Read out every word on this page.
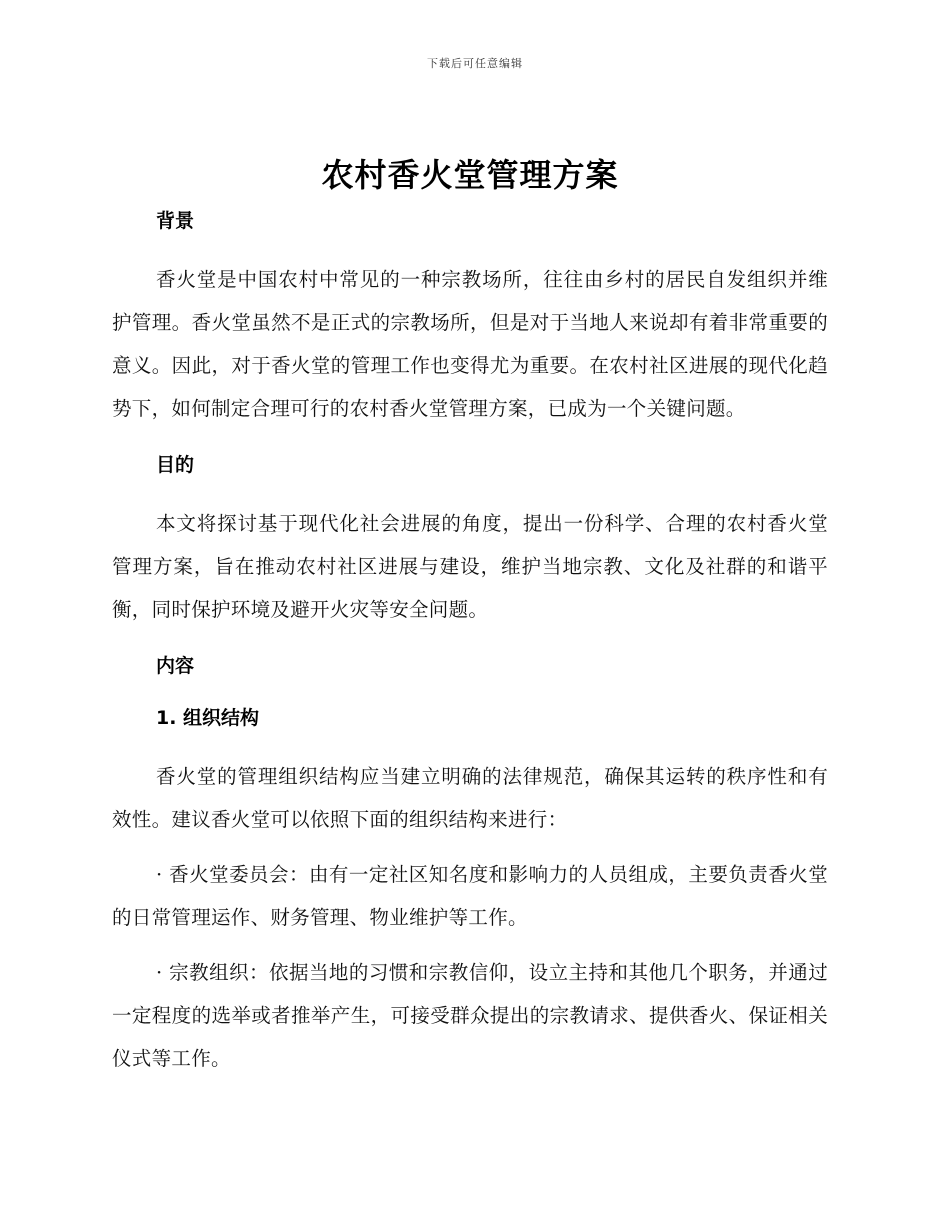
下载后可任意编辑
农村香火堂管理方案
背景

香火堂是中国农村中常见的一种宗教场所，往往由乡村的居民自发组织并维护管理。香火堂虽然不是正式的宗教场所，但是对于当地人来说却有着非常重要的意义。因此，对于香火堂的管理工作也变得尤为重要。在农村社区进展的现代化趋势下，如何制定合理可行的农村香火堂管理方案，已成为一个关键问题。

目的

本文将探讨基于现代化社会进展的角度，提出一份科学、合理的农村香火堂管理方案，旨在推动农村社区进展与建设，维护当地宗教、文化及社群的和谐平衡，同时保护环境及避开火灾等安全问题。

内容
1. 组织结构

香火堂的管理组织结构应当建立明确的法律规范，确保其运转的秩序性和有效性。建议香火堂可以依照下面的组织结构来进行：

· 香火堂委员会：由有一定社区知名度和影响力的人员组成，主要负责香火堂的日常管理运作、财务管理、物业维护等工作。

· 宗教组织：依据当地的习惯和宗教信仰，设立主持和其他几个职务，并通过一定程度的选举或者推举产生，可接受群众提出的宗教请求、提供香火、保证相关仪式等工作。
